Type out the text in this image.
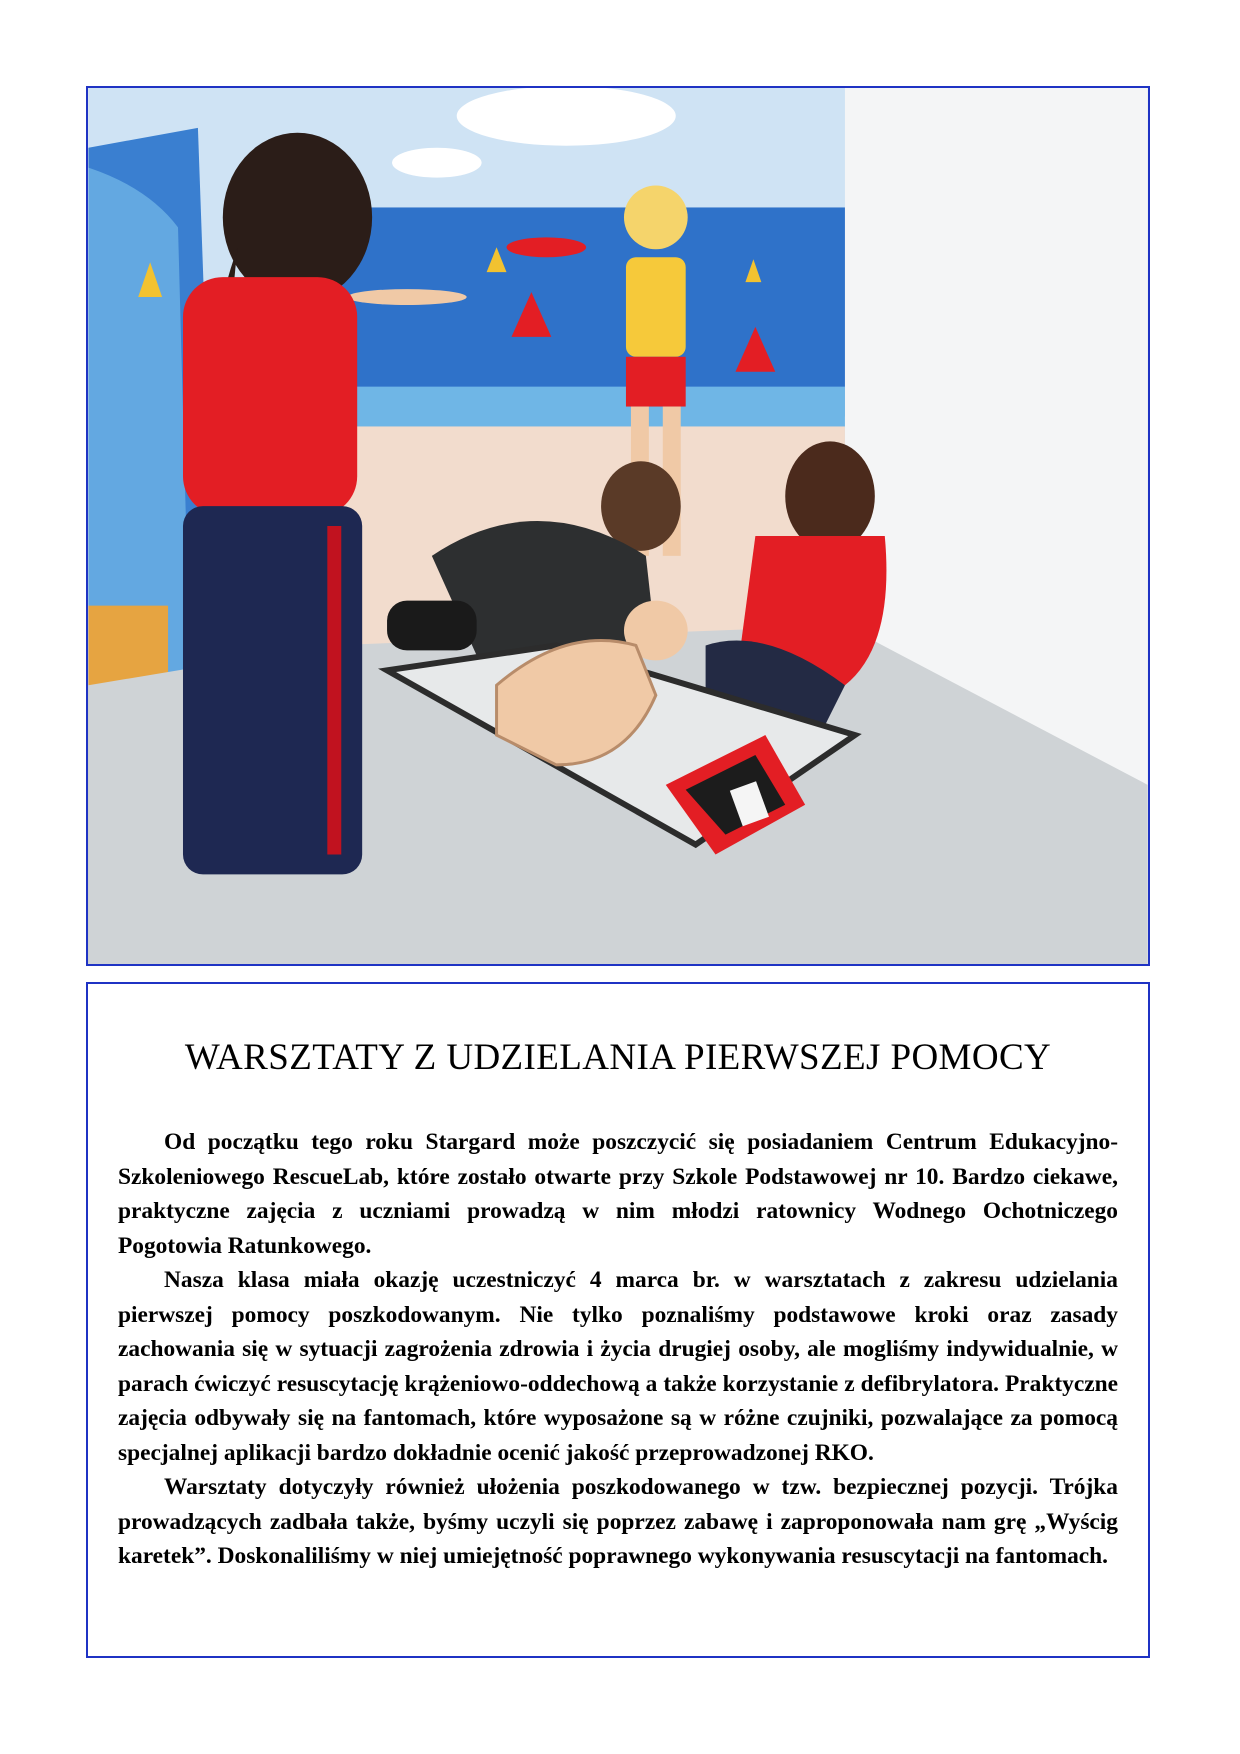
WARSZTATY Z UDZIELANIA PIERWSZEJ POMOCY

Od początku tego roku Stargard może poszczycić się posiadaniem Centrum Edukacyjno-Szkoleniowego RescueLab, które zostało otwarte przy Szkole Podstawowej nr 10. Bardzo ciekawe, praktyczne zajęcia z uczniami prowadzą w nim młodzi ratownicy Wodnego Ochotniczego Pogotowia Ratunkowego.

Nasza klasa miała okazję uczestniczyć 4 marca br. w warsztatach z zakresu udzielania pierwszej pomocy poszkodowanym. Nie tylko poznaliśmy podstawowe kroki oraz zasady zachowania się w sytuacji zagrożenia zdrowia i życia drugiej osoby, ale mogliśmy indywidualnie, w parach ćwiczyć resuscytację krążeniowo-oddechową a także korzystanie z defibrylatora. Praktyczne zajęcia odbywały się na fantomach, które wyposażone są w różne czujniki, pozwalające za pomocą specjalnej aplikacji bardzo dokładnie ocenić jakość przeprowadzonej RKO.

Warsztaty dotyczyły również ułożenia poszkodowanego w tzw. bezpiecznej pozycji. Trójka prowadzących zadbała także, byśmy uczyli się poprzez zabawę i zaproponowała nam grę „Wyścig karetek”. Doskonaliliśmy w niej umiejętność poprawnego wykonywania resuscytacji na fantomach.
